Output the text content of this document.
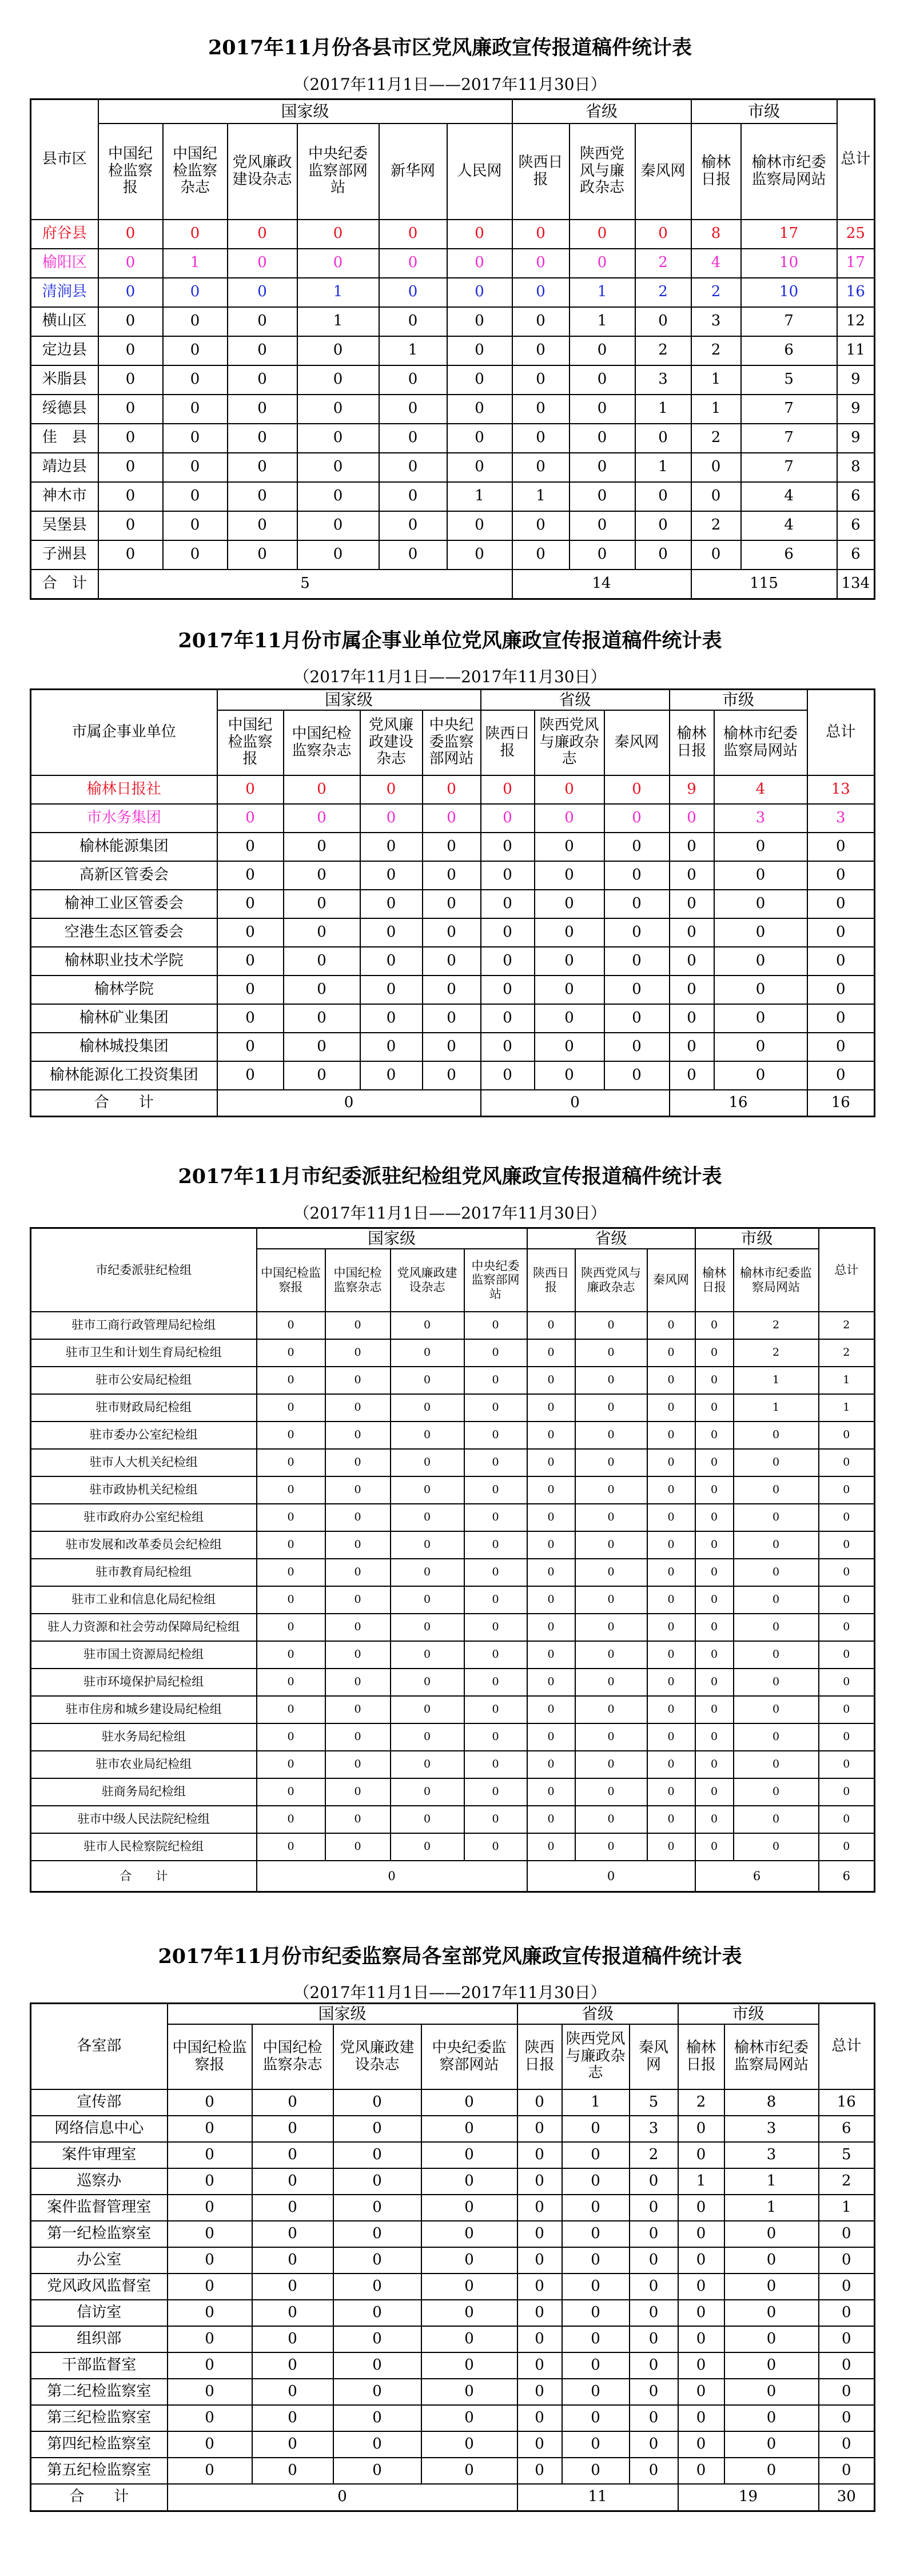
2017年11月份各县市区党风廉政宣传报道稿件统计表
（2017年11月1日——2017年11月30日）
县市区	国家级						省级			市级		总计
	中国纪检监察报	中国纪检监察杂志	党风廉政建设杂志	中央纪委监察部网站	新华网	人民网	陕西日报	陕西党风与廉政杂志	秦风网	榆林日报	榆林市纪委监察局网站	
府谷县	0	0	0	0	0	0	0	0	0	8	17	25
榆阳区	0	1	0	0	0	0	0	0	2	4	10	17
清涧县	0	0	0	1	0	0	0	1	2	2	10	16
横山区	0	0	0	1	0	0	0	1	0	3	7	12
定边县	0	0	0	0	1	0	0	0	2	2	6	11
米脂县	0	0	0	0	0	0	0	0	3	1	5	9
绥德县	0	0	0	0	0	0	0	0	1	1	7	9
佳　县	0	0	0	0	0	0	0	0	0	2	7	9
靖边县	0	0	0	0	0	0	0	0	1	0	7	8
神木市	0	0	0	0	0	1	1	0	0	0	4	6
吴堡县	0	0	0	0	0	0	0	0	0	2	4	6
子洲县	0	0	0	0	0	0	0	0	0	0	6	6
合　计	5						14			115		134
2017年11月份市属企事业单位党风廉政宣传报道稿件统计表
（2017年11月1日——2017年11月30日）
市属企事业单位	国家级				省级			市级		总计
	中国纪检监察报	中国纪检监察杂志	党风廉政建设杂志	中央纪委监察部网站	陕西日报	陕西党风与廉政杂志	秦风网	榆林日报	榆林市纪委监察局网站	
榆林日报社	0	0	0	0	0	0	0	9	4	13
市水务集团	0	0	0	0	0	0	0	0	3	3
榆林能源集团	0	0	0	0	0	0	0	0	0	0
高新区管委会	0	0	0	0	0	0	0	0	0	0
榆神工业区管委会	0	0	0	0	0	0	0	0	0	0
空港生态区管委会	0	0	0	0	0	0	0	0	0	0
榆林职业技术学院	0	0	0	0	0	0	0	0	0	0
榆林学院	0	0	0	0	0	0	0	0	0	0
榆林矿业集团	0	0	0	0	0	0	0	0	0	0
榆林城投集团	0	0	0	0	0	0	0	0	0	0
榆林能源化工投资集团	0	0	0	0	0	0	0	0	0	0
合　　计	0				0			16		16
2017年11月市纪委派驻纪检组党风廉政宣传报道稿件统计表
（2017年11月1日——2017年11月30日）
市纪委派驻纪检组	国家级				省级			市级		总计
	中国纪检监察报	中国纪检监察杂志	党风廉政建设杂志	中央纪委监察部网站	陕西日报	陕西党风与廉政杂志	秦风网	榆林日报	榆林市纪委监察局网站	
驻市工商行政管理局纪检组	0	0	0	0	0	0	0	0	2	2
驻市卫生和计划生育局纪检组	0	0	0	0	0	0	0	0	2	2
驻市公安局纪检组	0	0	0	0	0	0	0	0	1	1
驻市财政局纪检组	0	0	0	0	0	0	0	0	1	1
驻市委办公室纪检组	0	0	0	0	0	0	0	0	0	0
驻市人大机关纪检组	0	0	0	0	0	0	0	0	0	0
驻市政协机关纪检组	0	0	0	0	0	0	0	0	0	0
驻市政府办公室纪检组	0	0	0	0	0	0	0	0	0	0
驻市发展和改革委员会纪检组	0	0	0	0	0	0	0	0	0	0
驻市教育局纪检组	0	0	0	0	0	0	0	0	0	0
驻市工业和信息化局纪检组	0	0	0	0	0	0	0	0	0	0
驻人力资源和社会劳动保障局纪检组	0	0	0	0	0	0	0	0	0	0
驻市国土资源局纪检组	0	0	0	0	0	0	0	0	0	0
驻市环境保护局纪检组	0	0	0	0	0	0	0	0	0	0
驻市住房和城乡建设局纪检组	0	0	0	0	0	0	0	0	0	0
驻水务局纪检组	0	0	0	0	0	0	0	0	0	0
驻市农业局纪检组	0	0	0	0	0	0	0	0	0	0
驻商务局纪检组	0	0	0	0	0	0	0	0	0	0
驻市中级人民法院纪检组	0	0	0	0	0	0	0	0	0	0
驻市人民检察院纪检组	0	0	0	0	0	0	0	0	0	0
合　　计	0				0			6		6
2017年11月份市纪委监察局各室部党风廉政宣传报道稿件统计表
（2017年11月1日——2017年11月30日）
各室部	国家级				省级			市级		总计
	中国纪检监察报	中国纪检监察杂志	党风廉政建设杂志	中央纪委监察部网站	陕西日报	陕西党风与廉政杂志	秦风网	榆林日报	榆林市纪委监察局网站	
宣传部	0	0	0	0	0	1	5	2	8	16
网络信息中心	0	0	0	0	0	0	3	0	3	6
案件审理室	0	0	0	0	0	0	2	0	3	5
巡察办	0	0	0	0	0	0	0	1	1	2
案件监督管理室	0	0	0	0	0	0	0	0	1	1
第一纪检监察室	0	0	0	0	0	0	0	0	0	0
办公室	0	0	0	0	0	0	0	0	0	0
党风政风监督室	0	0	0	0	0	0	0	0	0	0
信访室	0	0	0	0	0	0	0	0	0	0
组织部	0	0	0	0	0	0	0	0	0	0
干部监督室	0	0	0	0	0	0	0	0	0	0
第二纪检监察室	0	0	0	0	0	0	0	0	0	0
第三纪检监察室	0	0	0	0	0	0	0	0	0	0
第四纪检监察室	0	0	0	0	0	0	0	0	0	0
第五纪检监察室	0	0	0	0	0	0	0	0	0	0
合　　计	0				11			19		30
